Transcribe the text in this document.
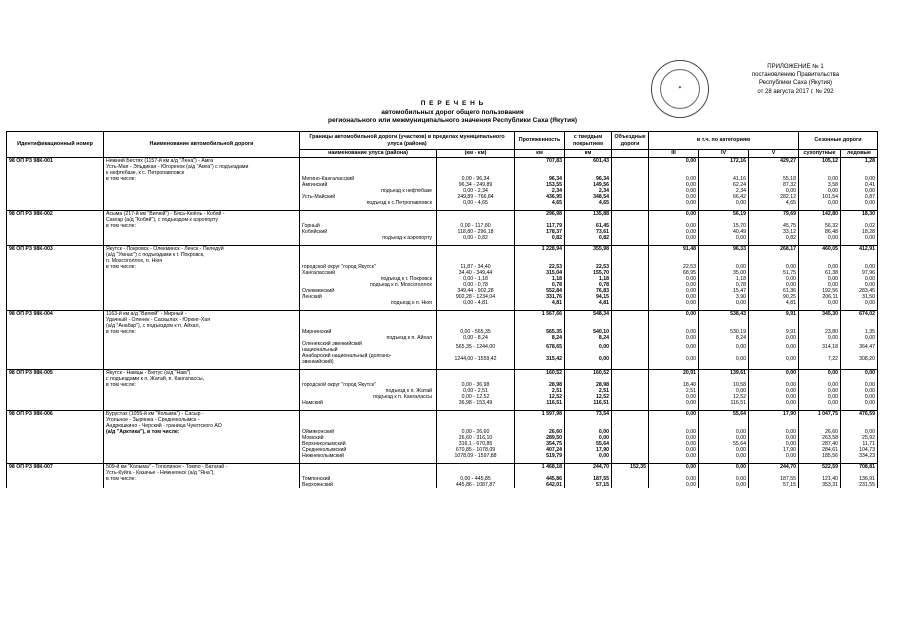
✦
ПРИЛОЖЕНИЕ № 1
постановлению Правительства
Республики Саха (Якутия)
от 28 августа 2017 г. № 292
П Е Р Е Ч Е Н Ь
автомобильных дорог общего пользования
регионального или межмуниципального значения Республики Саха (Якутия)
Идентификационный номер	Наименование автомобильной дороги	Границы автомобильной дороги (участков) в пределах муниципального улуса (района)		Протяженность	с твердым покрытием	Объездные дороги	в т.ч. по категориям			Сезонные дороги	

		наименование улуса (района)	(км - км)	км	км		III	IV	V	сухопутные	ледовые
98 ОП РЗ 98К-001	Нижний Бестях (1157-й км а/д "Лена") - Амга			707,83	601,43		0,00	172,16	429,27	105,12	1,28
	Усть-Мая - Эльдикан - Югоренок (а/д "Амга") с подъездами										
	к нефтебазе, к с. Петропавловск										
	в том числе:	Мегино-Кангаласский	0,00 - 96,34	96,34	96,34		0,00	41,16	55,18	0,00	0,00
		Амгинский	96,34 - 249,89	153,55	149,56		0,00	62,24	87,32	3,58	0,41
		подъезд к нефтебазе	0,00 - 2,34	2,34	2,34		0,00	2,34	0,00	0,00	0,00
		Усть-Майский	249,89 - 766,84	436,95	348,54		0,00	66,42	282,12	101,54	0,87
		подъезд к с.Петропавловск	0,00 - 4,65	4,65	4,65		0,00	0,00	4,65	0,00	0,00

98 ОП РЗ 98К-002	Асыма (217-й км "Вилюй") - Бясь-Кюёль - Кобяй -			296,98	135,88		0,00	56,19	79,69	142,80	18,30
	Сангар (а/д "Кобяй"), с подъездом к аэропорту										
	в том числе:	Горный	0,00 - 117,80	117,79	61,45		0,00	15,70	45,75	56,32	0,02
		Кобяйский	118,80 - 296,18	178,37	73,61		0,00	40,49	33,12	86,48	18,28
		подъезд к аэропорту	0,00 - 0,82	0,82	0,82		0,00	0,00	0,82	0,00	0,00

98 ОП РЗ 98К-003	Якутск - Покровск - Олекминск - Ленск - Пеледуй			1 228,94	355,98		91,48	96,33	268,17	460,05	412,91
	(а/д "Умнас") с подъездами к г. Покровск,										
	п. Мохсоголлох, п. Нюя										
	в том числе:	городской округ "город Якутск"	11,87 - 34,40	22,53	22,53		22,53	0,00	0,00	0,00	0,00
		Хангаласский	34,40 - 349,44	315,04	155,70		68,95	35,00	51,75	61,38	97,96
		подъезд к г. Покровск	0,00 - 1,18	1,18	1,18		0,00	1,18	0,00	0,00	0,00
		подъезд к п. Мохсоголлох	0,00 - 0,78	0,78	0,78		0,00	0,78	0,00	0,00	0,00
		Олекминский	349,44 - 902,28	552,84	76,83		0,00	15,47	61,36	192,56	283,45
		Ленский	902,28 - 1234,04	331,76	94,15		0,00	3,90	90,25	206,11	31,50
		подъезд к п. Нюя	0,00 - 4,81	4,81	4,81		0,00	0,00	4,81	0,00	0,00

98 ОП РЗ 98К-004	1163-й км а/д "Вилюй" - Мирный -			1 567,66	548,34		0,00	538,43	9,91	345,30	674,02
	Удачный - Оленек - Саскылах - Юрюнг-Хая										
	(а/д "Анабар"), с подъездом к п. Айхал,										
	в том числе:	Мирнинский	0,00 - 565,35	565,35	540,10		0,00	530,19	9,91	23,80	1,35
		подъезд к п. Айхал	0,00 - 8,24	8,24	8,24		0,00	8,24	0,00	0,00	0,00

		Оленекский эвенкийский
национальный	565,35 - 1244,00	678,65	0,00		0,00	0,00	0,00	314,18	364,47

		Анабарский национальный (долгано-
эвенкийский)	1244,00 - 1559,42	315,42	0,00		0,00	0,00	0,00	7,22	308,20

98 ОП РЗ 98К-005	Якутск - Намцы - Бютус (а/д "Нам")			160,52	160,52		20,91	139,61	0,00	0,00	0,00
	с подъездами к п. Жатай, п. Кангалассы,										
	в том числе:	городской округ "город Якутск"	0,00 - 36,98	28,98	28,98		18,40	10,58	0,00	0,00	0,00
		подъезд к п. Жатай	0,00 - 2,51	2,51	2,51		2,51	0,00	0,00	0,00	0,00
		подъезд к п. Кангалассы	0,00 - 12,52	12,52	12,52		0,00	12,52	0,00	0,00	0,00
		Намский	36,98 - 153,49	116,51	116,51		0,00	116,51	0,00	0,00	0,00

98 ОП РЗ 98К-006	Бурустах (1055-й км "Колыма") - Сасыр -			1 597,98	73,54		0,00	55,64	17,90	1 047,75	476,59
	Угольное - Зырянка - Среднеколымск -										
	Андрюшкино - Черский - граница Чукотского АО										
	(а/д "Арктика"), в том числе:	Оймяконский	0,00 - 26,60	26,60	0,00		0,00	0,00	0,00	26,60	0,00
		Момский	26,60 - 316,10	289,50	0,00		0,00	0,00	0,00	263,58	25,92
		Верхнеколымский	316,1 - 670,85	354,75	55,64		0,00	55,64	0,00	287,40	11,71
		Среднеколымский	670,85 - 1078,09	407,24	17,90		0,00	0,00	17,90	284,61	104,73
		Нижнеколымский	1078,09 - 1597,88	519,79	0,00		0,00	0,00	0,00	185,56	334,23

98 ОП РЗ 98К-007	509-й км "Колыма" - Тополиное - Томпо - Батагай -			1 468,18	244,70	152,35	0,00	0,00	244,70	522,59	708,81
	Усть-Куйга - Казачье - Нижнеянск (а/д "Яна"),										
	в том числе:	Томпонский	0,00 - 445,85	445,86	187,55		0,00	0,00	187,55	121,40	136,91
		Верхоянский	445,86 - 1087,87	642,01	57,15		0,00	0,00	57,15	353,31	231,55
